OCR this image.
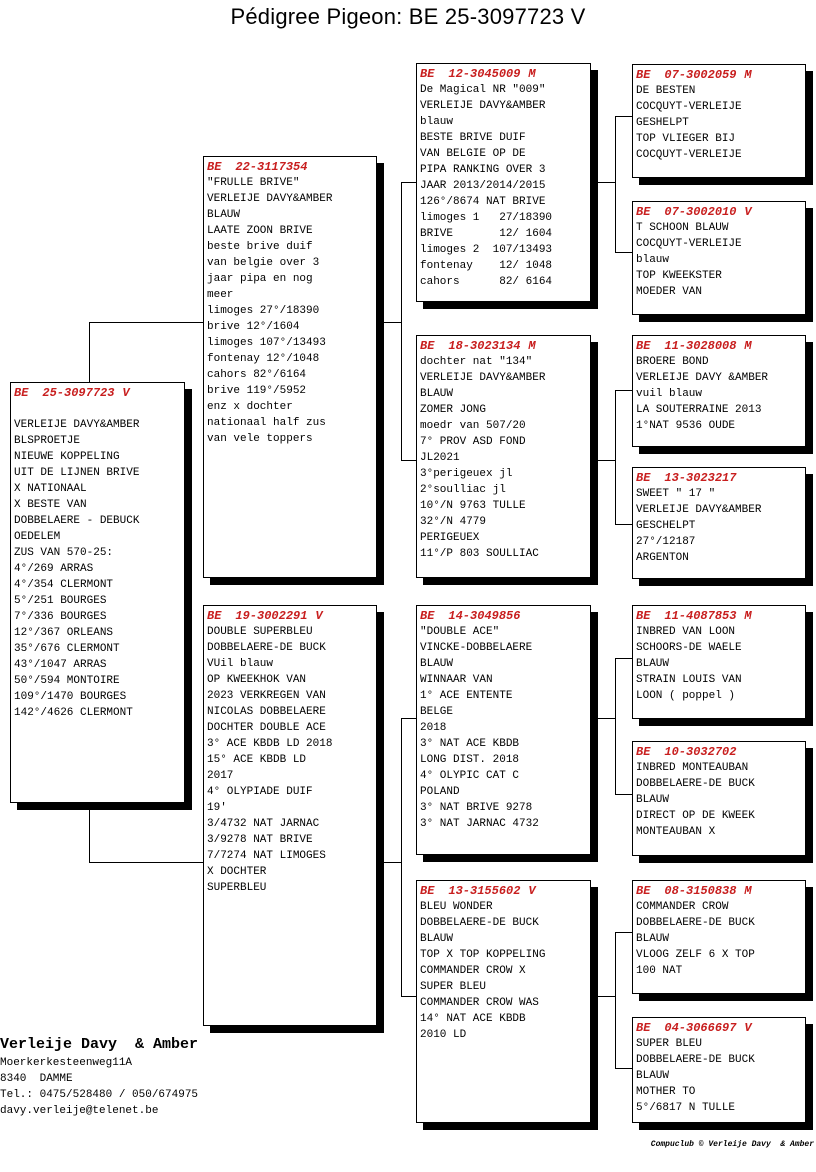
Pédigree Pigeon: BE 25-3097723 V
BE 25-3097723 V
VERLEIJE DAVY&AMBER
BLSPROETJE
NIEUWE KOPPELING
UIT DE LIJNEN BRIVE
X NATIONAAL
X BESTE VAN
DOBBELAERE - DEBUCK
OEDELEM
ZUS VAN 570-25:
4°/269 ARRAS
4°/354 CLERMONT
5°/251 BOURGES
7°/336 BOURGES
12°/367 ORLEANS
35°/676 CLERMONT
43°/1047 ARRAS
50°/594 MONTOIRE
109°/1470 BOURGES
142°/4626 CLERMONT
BE 22-3117354
"FRULLE BRIVE"
VERLEIJE DAVY&AMBER
BLAUW
LAATE ZOON BRIVE
beste brive duif
van belgie over 3
jaar pipa en nog
meer
limoges 27°/18390
brive 12°/1604
limoges 107°/13493
fontenay 12°/1048
cahors 82°/6164
brive 119°/5952
enz x dochter
nationaal half zus
van vele toppers
BE 19-3002291 V
DOUBLE SUPERBLEU
DOBBELAERE-DE BUCK
VUil blauw
OP KWEEKHOK VAN
2023 VERKREGEN VAN
NICOLAS DOBBELAERE
DOCHTER DOUBLE ACE
3° ACE KBDB LD 2018
15° ACE KBDB LD
2017
4° OLYPIADE DUIF
19'
3/4732 NAT JARNAC
3/9278 NAT BRIVE
7/7274 NAT LIMOGES
X DOCHTER
SUPERBLEU
BE 12-3045009 M
De Magical NR "009"
VERLEIJE DAVY&AMBER
blauw
BESTE BRIVE DUIF
VAN BELGIE OP DE
PIPA RANKING OVER 3
JAAR 2013/2014/2015
126°/8674 NAT BRIVE
limoges 1   27/18390
BRIVE       12/ 1604
limoges 2  107/13493
fontenay    12/ 1048
cahors      82/ 6164
BE 18-3023134 M
dochter nat "134"
VERLEIJE DAVY&AMBER
BLAUW
ZOMER JONG
moedr van 507/20
7° PROV ASD FOND
JL2021
3°perigeuex jl
2°soulliac jl
10°/N 9763 TULLE
32°/N 4779
PERIGEUEX
11°/P 803 SOULLIAC
BE 14-3049856
"DOUBLE ACE"
VINCKE-DOBBELAERE
BLAUW
WINNAAR VAN
1° ACE ENTENTE
BELGE
2018
3° NAT ACE KBDB
LONG DIST. 2018
4° OLYPIC CAT C
POLAND
3° NAT BRIVE 9278
3° NAT JARNAC 4732
BE 13-3155602 V
BLEU WONDER
DOBBELAERE-DE BUCK
BLAUW
TOP X TOP KOPPELING
COMMANDER CROW X
SUPER BLEU
COMMANDER CROW WAS
14° NAT ACE KBDB
2010 LD
BE 07-3002059 M
DE BESTEN
COCQUYT-VERLEIJE
GESHELPT
TOP VLIEGER BIJ
COCQUYT-VERLEIJE
BE 07-3002010 V
T SCHOON BLAUW
COCQUYT-VERLEIJE
blauw
TOP KWEEKSTER
MOEDER VAN
BE 11-3028008 M
BROERE BOND
VERLEIJE DAVY &AMBER
vuil blauw
LA SOUTERRAINE 2013
1°NAT 9536 OUDE
BE 13-3023217
SWEET " 17 "
VERLEIJE DAVY&AMBER
GESCHELPT
27°/12187
ARGENTON
BE 11-4087853 M
INBRED VAN LOON
SCHOORS-DE WAELE
BLAUW
STRAIN LOUIS VAN
LOON ( poppel )
BE 10-3032702
INBRED MONTEAUBAN
DOBBELAERE-DE BUCK
BLAUW
DIRECT OP DE KWEEK
MONTEAUBAN X
BE 08-3150838 M
COMMANDER CROW
DOBBELAERE-DE BUCK
BLAUW
VLOOG ZELF 6 X TOP
100 NAT
BE 04-3066697 V
SUPER BLEU
DOBBELAERE-DE BUCK
BLAUW
MOTHER TO
5°/6817 N TULLE
Verleije Davy  & Amber
Moerkerkesteenweg11A
8340  DAMME
Tel.: 0475/528480 / 050/674975
davy.verleije@telenet.be
Compuclub © Verleije Davy  & Amber
